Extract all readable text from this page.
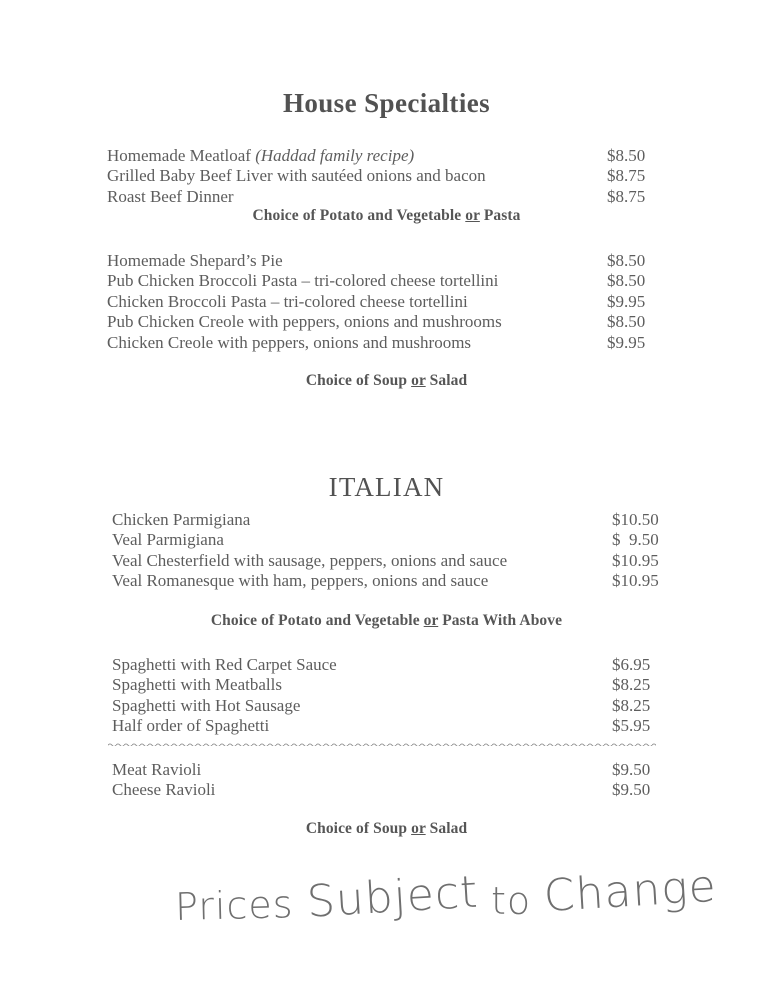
House Specialties
Homemade Meatloaf (Haddad family recipe)	$8.50
Grilled Baby Beef Liver with sautéed onions and bacon	$8.75
Roast Beef Dinner	$8.75
Choice of Potato and Vegetable or Pasta
Homemade Shepard’s Pie	$8.50
Pub Chicken Broccoli Pasta – tri-colored cheese tortellini	$8.50
Chicken Broccoli Pasta – tri-colored cheese tortellini	$9.95
Pub Chicken Creole with peppers, onions and mushrooms	$8.50
Chicken Creole with peppers, onions and mushrooms	$9.95
Choice of Soup or Salad
ITALIAN
Chicken Parmigiana	$10.50
Veal Parmigiana	$  9.50
Veal Chesterfield with sausage, peppers, onions and sauce	$10.95
Veal Romanesque with ham, peppers, onions and sauce	$10.95
Choice of Potato and Vegetable or Pasta With Above
Spaghetti with Red Carpet Sauce	$6.95
Spaghetti with Meatballs	$8.25
Spaghetti with Hot Sausage	$8.25
Half order of Spaghetti	$5.95
Meat Ravioli	$9.50
Cheese Ravioli	$9.50
Choice of Soup or Salad
Prices Subject to Change
